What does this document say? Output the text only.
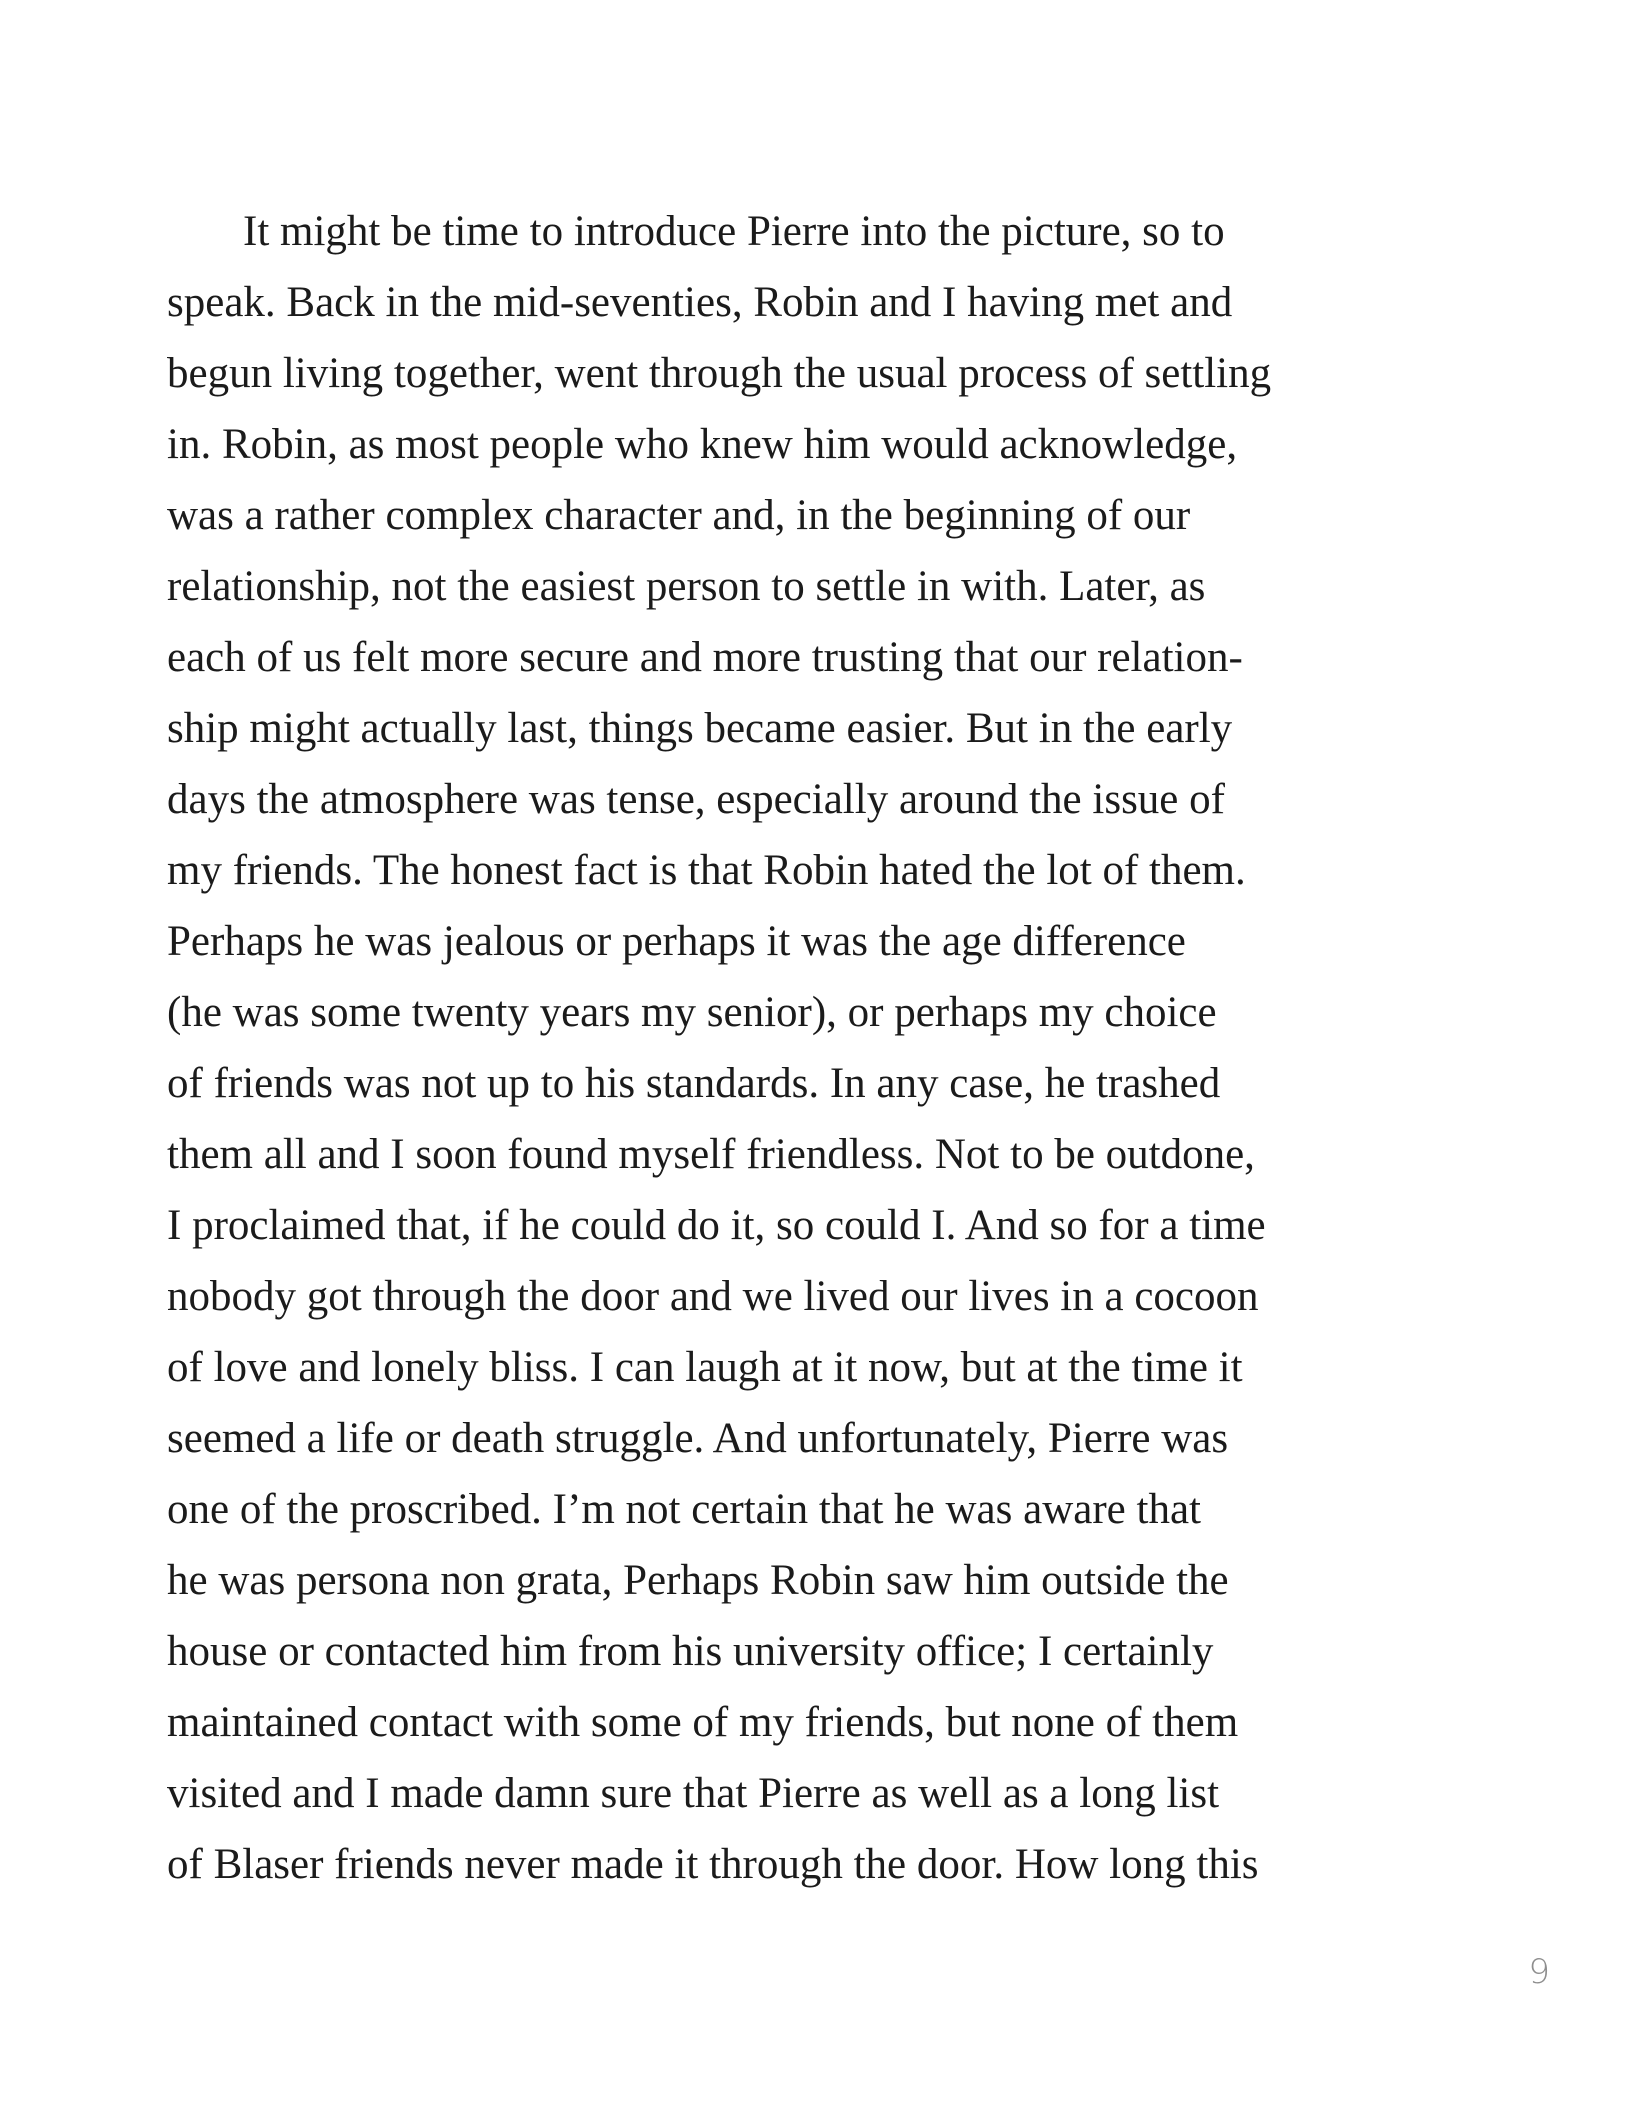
It might be time to introduce Pierre into the picture, so to
speak. Back in the mid-seventies, Robin and I having met and
begun living together, went through the usual process of settling
in. Robin, as most people who knew him would acknowledge,
was a rather complex character and, in the beginning of our
relationship, not the easiest person to settle in with. Later, as
each of us felt more secure and more trusting that our relation-
ship might actually last, things became easier. But in the early
days the atmosphere was tense, especially around the issue of
my friends. The honest fact is that Robin hated the lot of them.
Perhaps he was jealous or perhaps it was the age difference
(he was some twenty years my senior), or perhaps my choice
of friends was not up to his standards. In any case, he trashed
them all and I soon found myself friendless. Not to be outdone,
I proclaimed that, if he could do it, so could I. And so for a time
nobody got through the door and we lived our lives in a cocoon
of love and lonely bliss. I can laugh at it now, but at the time it
seemed a life or death struggle. And unfortunately, Pierre was
one of the proscribed. I’m not certain that he was aware that
he was persona non grata, Perhaps Robin saw him outside the
house or contacted him from his university office; I certainly
maintained contact with some of my friends, but none of them
visited and I made damn sure that Pierre as well as a long list
of Blaser friends never made it through the door. How long this
9
